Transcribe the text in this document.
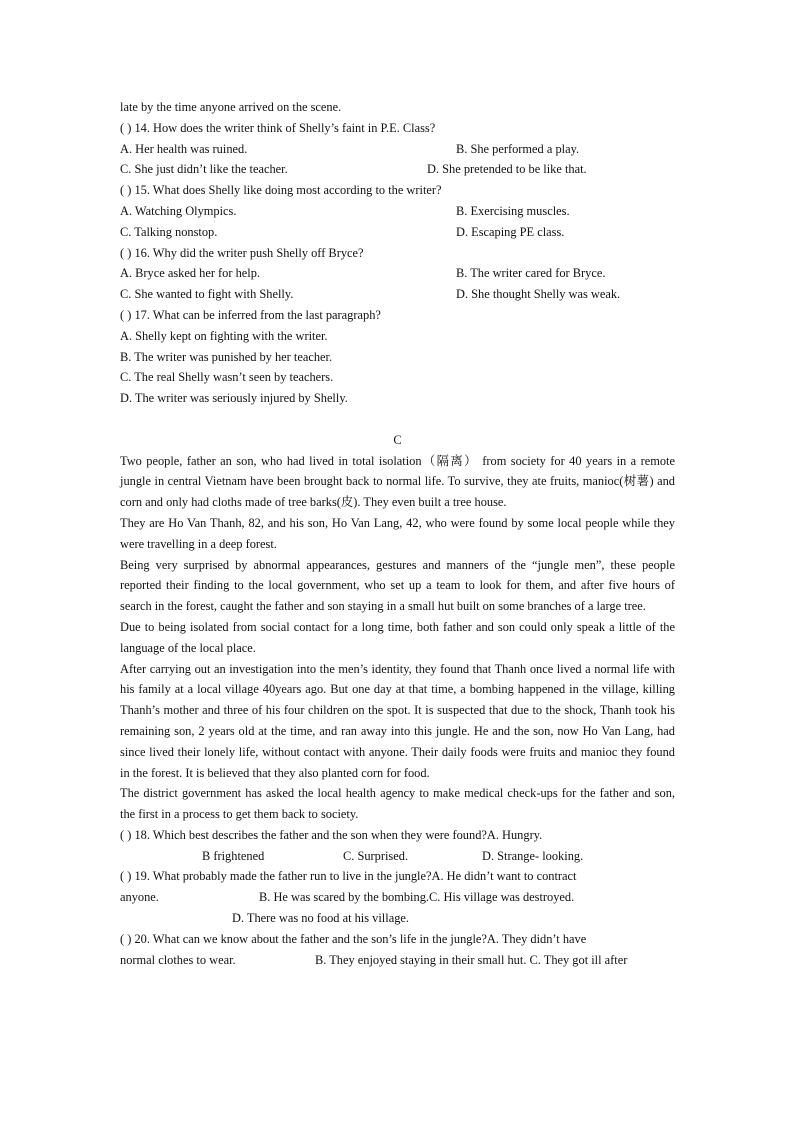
late by the time anyone arrived on the scene.
( ) 14. How does the writer think of Shelly’s faint in P.E. Class?
A. Her health was ruined.	B. She performed a play.
C. She just didn’t like the teacher.	D. She pretended to be like that.
( ) 15. What does Shelly like doing most according to the writer?
A. Watching Olympics.	B. Exercising muscles.
C. Talking nonstop.	D. Escaping PE class.
( ) 16. Why did the writer push Shelly off Bryce?
A. Bryce asked her for help.	B. The writer cared for Bryce.
C. She wanted to fight with Shelly.	D. She thought Shelly was weak.
( ) 17. What can be inferred from the last paragraph?
A. Shelly kept on fighting with the writer.
B. The writer was punished by her teacher.
C. The real Shelly wasn’t seen by teachers.
D. The writer was seriously injured by Shelly.
C
Two people, father an son, who had lived in total isolation（隔离） from society for 40 years in a remote jungle in central Vietnam have been brought back to normal life. To survive, they ate fruits, manioc(树薯) and corn and only had cloths made of tree barks(皮). They even built a tree house.
They are Ho Van Thanh, 82, and his son, Ho Van Lang, 42, who were found by some local people while they were travelling in a deep forest.
Being very surprised by abnormal appearances, gestures and manners of the “jungle men”, these people reported their finding to the local government, who set up a team to look for them, and after five hours of search in the forest, caught the father and son staying in a small hut built on some branches of a large tree.
Due to being isolated from social contact for a long time, both father and son could only speak a little of the language of the local place.
After carrying out an investigation into the men’s identity, they found that Thanh once lived a normal life with his family at a local village 40years ago. But one day at that time, a bombing happened in the village, killing Thanh’s mother and three of his four children on the spot. It is suspected that due to the shock, Thanh took his remaining son, 2 years old at the time, and ran away into this jungle. He and the son, now Ho Van Lang, had since lived their lonely life, without contact with anyone. Their daily foods were fruits and manioc they found in the forest. It is believed that they also planted corn for food.
The district government has asked the local health agency to make medical check-ups for the father and son, the first in a process to get them back to society.
( ) 18. Which best describes the father and the son when they were found?A. Hungry.
B frightened	C. Surprised.	D. Strange- looking.
( ) 19. What probably made the father run to live in the jungle?A. He didn’t want to contract
anyone.	B. He was scared by the bombing.C. His village was destroyed.
D. There was no food at his village.
( ) 20. What can we know about the father and the son’s life in the jungle?A. They didn’t have
normal clothes to wear.	B. They enjoyed staying in their small hut. C. They got ill after
